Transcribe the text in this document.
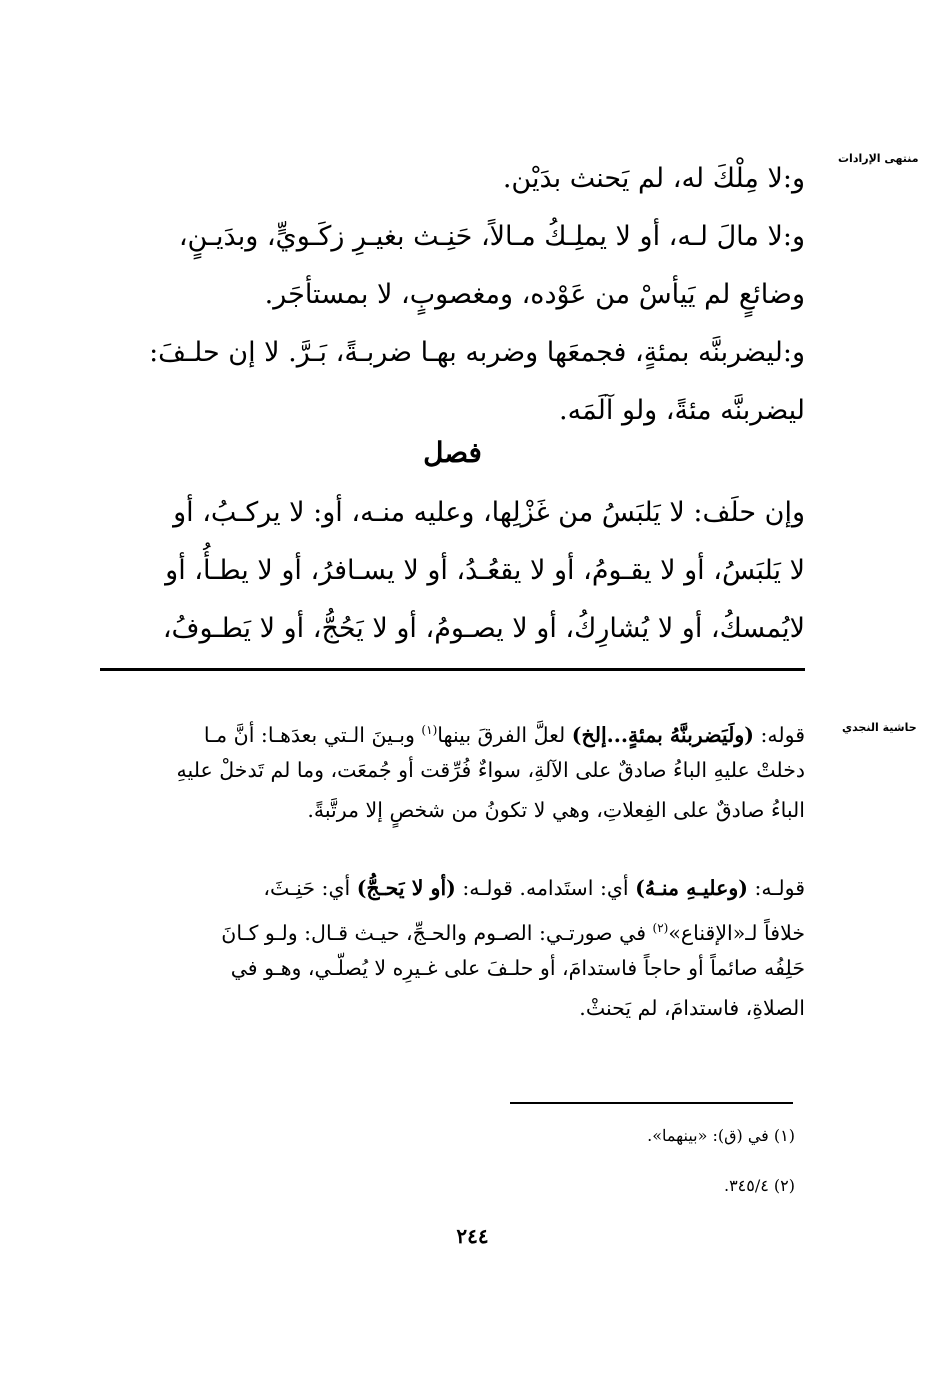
منتهى الإرادات
حاشية النجدي
و:لا مِلْكَ له، لم يَحنث بدَيْن.
و:لا مالَ لـه، أو لا يملِـكُ مـالاً، حَنِـث بغيـرِ زكَـويٍّ، وبدَيـنٍ،
وضائعٍ لم يَيأسْ من عَوْده، ومغصوبٍ، لا بمستأجَر.
و:ليضربنَّه بمئةٍ، فجمعَها وضربه بهـا ضربـةً، بَـرَّ. لا إن حلـفَ:
ليضربنَّه مئةً، ولو آلَمَه.
فصل
وإن حلَف: لا يَلبَسُ من غَزْلِها، وعليه منـه، أو: لا يركـبُ، أو
لا يَلبَسُ، أو لا يقـومُ، أو لا يقعُـدُ، أو لا يسـافرُ، أو لا يطـأُ، أو
لايُمسكُ، أو لا يُشارِكُ، أو لا يصـومُ، أو لا يَحُجُّ، أو لا يَطـوفُ،
قوله: (ولَيَضربنَّهُ بمئةٍ...إلخ) لعلَّ الفرقَ بينها$^{(١)}$ وبـينَ الـتي بعدَهـا: أنَّ مـا
دخلتْ عليهِ الباءُ صادقٌ على الآلةِ، سواءٌ فُرِّقت أو جُمعَت، وما لم تَدخلْ عليهِ
الباءُ صادقٌ على الفِعلاتِ، وهي لا تكونُ من شخصٍ إلا مرتَّبةً.
قولـه: (وعليـهِ منـهُ) أي: استَدامه. قولـه: (أو لا يَحـجُّ) أي: حَنِـثَ،
خلافاً لـ«الإقناع»$^{(٢)}$ في صورتـي: الصـوم والحـجِّ، حيـث قـال: ولـو كـانَ
حَلِفُه صائماً أو حاجاً فاستدامَ، أو حلـفَ على غـيرِه لا يُصلّـي، وهـو في
الصلاةِ، فاستدامَ، لم يَحنثْ.
(١) في (ق): «بينهما».
(٢) ٣٤٥/٤.
٢٤٤
